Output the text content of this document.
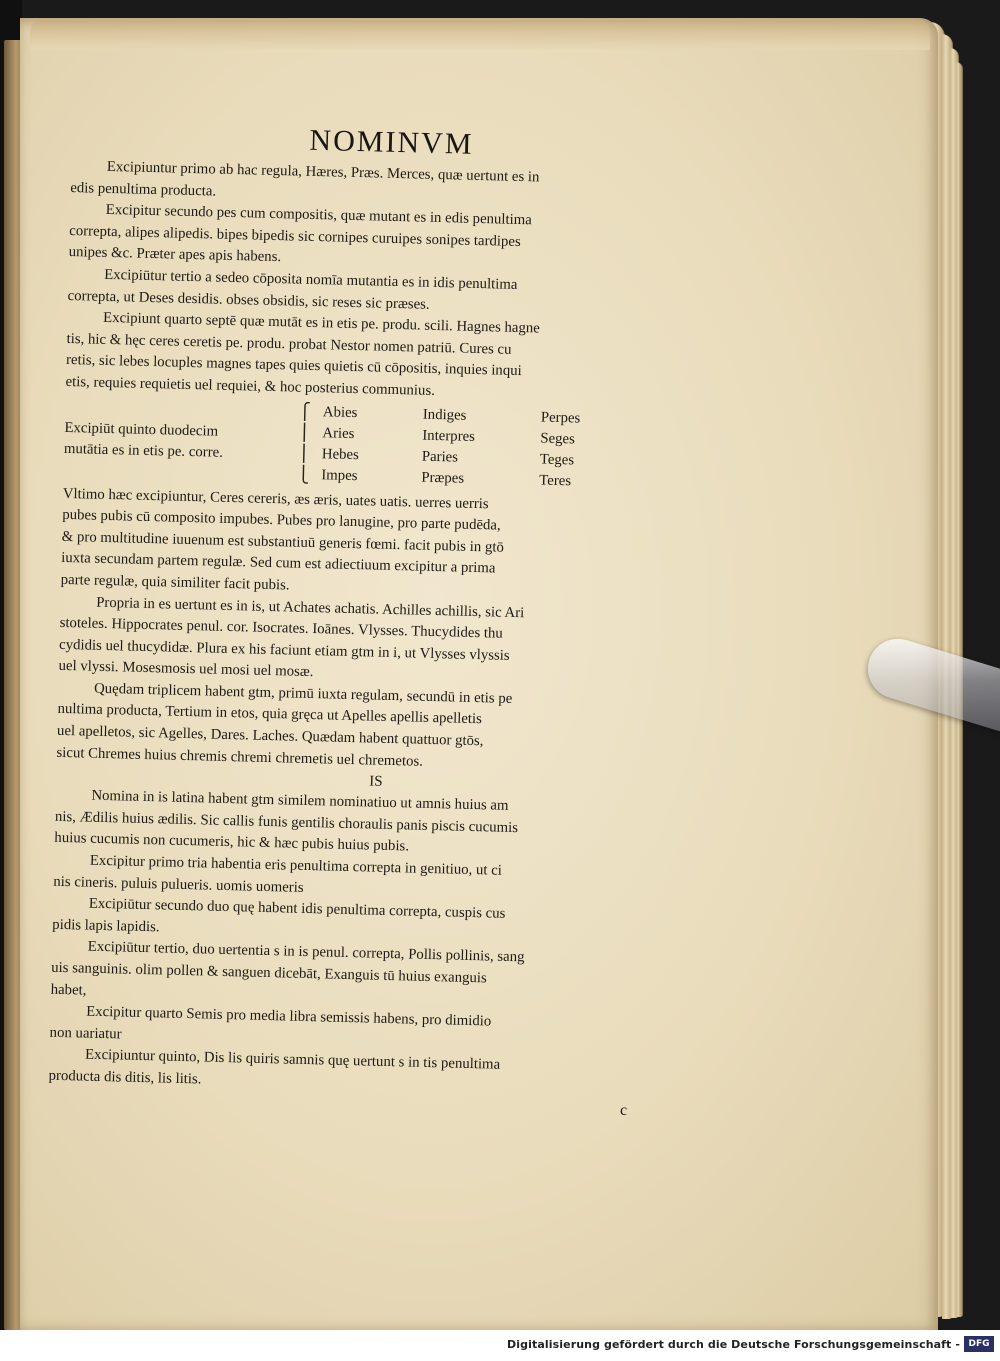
NOMINVM
Excipiuntur primo ab hac regula, Hæres, Præs. Merces, quæ uertunt es in
edis penultima producta.
Excipitur secundo pes cum compositis, quæ mutant es in edis penultima
correpta, alipes alipedis. bipes bipedis sic cornipes curuipes sonipes tardipes
unipes &c. Præter apes apis habens.
Excipiūtur tertio a sedeo cōposita nomīa mutantia es in idis penultima
correpta, ut Deses desidis. obses obsidis, sic reses sic præses.
Excipiunt quarto septē quæ mutāt es in etis pe. produ. scili. Hagnes hagne
tis, hic & hęc ceres ceretis pe. produ. probat Nestor nomen patriū. Cures cu
retis, sic lebes locuples magnes tapes quies quietis cū cōpositis, inquies inqui
etis, requies requietis uel requiei, & hoc posterius communius.
Excipiūt quinto duodecim
mutātia es in etis pe. corre.
⎧
⎪
⎪
⎩
Abies
Aries
Hebes
Impes
Indiges
Interpres
Paries
Præpes
Perpes
Seges
Teges
Teres
Vltimo hæc excipiuntur, Ceres cereris, æs æris, uates uatis. uerres uerris
pubes pubis cū composito impubes. Pubes pro lanugine, pro parte pudēda,
& pro multitudine iuuenum est substantiuū generis fœmi. facit pubis in gtō
iuxta secundam partem regulæ. Sed cum est adiectiuum excipitur a prima
parte regulæ, quia similiter facit pubis.
Propria in es uertunt es in is, ut Achates achatis. Achilles achillis, sic Ari
stoteles. Hippocrates penul. cor. Isocrates. Ioānes. Vlysses. Thucydides thu
cydidis uel thucydidæ. Plura ex his faciunt etiam gtm in i, ut Vlysses vlyssis
uel vlyssi. Mosesmosis uel mosi uel mosæ.
Quędam triplicem habent gtm, primū iuxta regulam, secundū in etis pe
nultima producta, Tertium in etos, quia gręca ut Apelles apellis apelletis
uel apelletos, sic Agelles, Dares. Laches. Quædam habent quattuor gtōs,
sicut Chremes huius chremis chremi chremetis uel chremetos.
IS
Nomina in is latina habent gtm similem nominatiuo ut amnis huius am
nis, Ædilis huius ædilis. Sic callis funis gentilis choraulis panis piscis cucumis
huius cucumis non cucumeris, hic & hæc pubis huius pubis.
Excipitur primo tria habentia eris penultima correpta in genitiuo, ut ci
nis cineris. puluis pulueris. uomis uomeris
Excipiūtur secundo duo quę habent idis penultima correpta, cuspis cus
pidis lapis lapidis.
Excipiūtur tertio, duo uertentia s in is penul. correpta, Pollis pollinis, sang
uis sanguinis. olim pollen & sanguen dicebāt, Exanguis tū huius exanguis
habet,
Excipitur quarto Semis pro media libra semissis habens, pro dimidio
non uariatur
Excipiuntur quinto, Dis lis quiris samnis quę uertunt s in tis penultima
producta dis ditis, lis litis.
c
Digitalisierung gefördert durch die Deutsche Forschungsgemeinschaft - DFG
